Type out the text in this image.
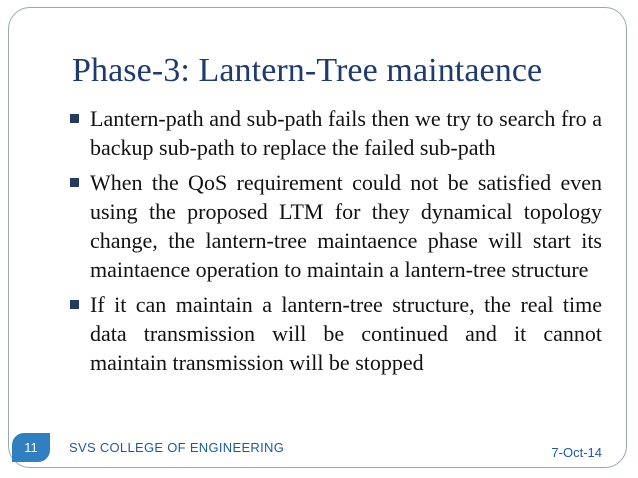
Phase-3: Lantern-Tree maintaence
Lantern-path and sub-path fails then we try to search fro a backup sub-path to replace the failed sub-path
When the QoS requirement could not be satisfied even using the proposed LTM for they dynamical topology change, the lantern-tree maintaence phase will start its maintaence operation to maintain a lantern-tree structure
If it can maintain a lantern-tree structure, the real time data transmission will be continued and it cannot maintain transmission will be stopped
11	SVS COLLEGE OF ENGINEERING	7-Oct-14
